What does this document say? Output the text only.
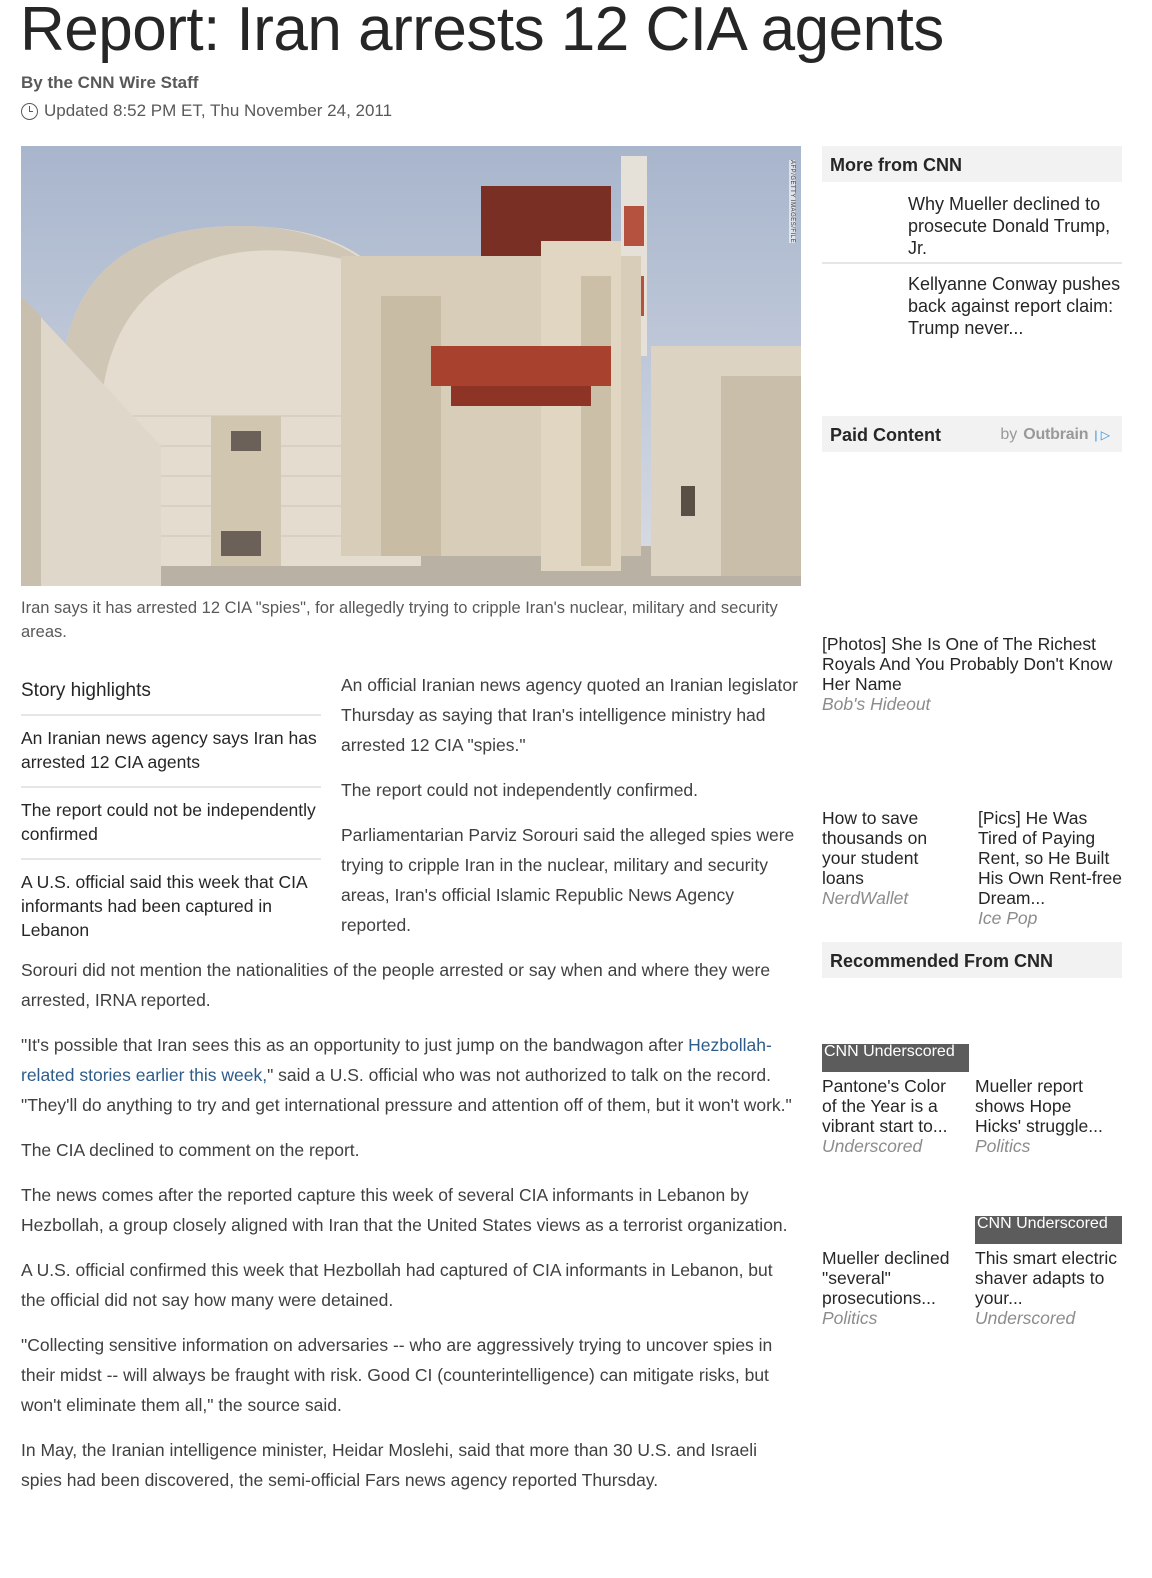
Report: Iran arrests 12 CIA agents
By the CNN Wire Staff
Updated 8:52 PM ET, Thu November 24, 2011
AFP/GETTY IMAGES/FILE
Iran says it has arrested 12 CIA "spies", for allegedly trying to cripple Iran's nuclear, military and security areas.
Story highlights
An Iranian news agency says Iran has arrested 12 CIA agents
The report could not be independently confirmed
A U.S. official said this week that CIA informants had been captured in Lebanon

An official Iranian news agency quoted an Iranian legislator Thursday as saying that Iran's intelligence ministry had arrested 12 CIA "spies."

The report could not independently confirmed.

Parliamentarian Parviz Sorouri said the alleged spies were trying to cripple Iran in the nuclear, military and security areas, Iran's official Islamic Republic News Agency reported.

Sorouri did not mention the nationalities of the people arrested or say when and where they were arrested, IRNA reported.

"It's possible that Iran sees this as an opportunity to just jump on the bandwagon after Hezbollah-related stories earlier this week," said a U.S. official who was not authorized to talk on the record. "They'll do anything to try and get international pressure and attention off of them, but it won't work."

The CIA declined to comment on the report.

The news comes after the reported capture this week of several CIA informants in Lebanon by Hezbollah, a group closely aligned with Iran that the United States views as a terrorist organization.

A U.S. official confirmed this week that Hezbollah had captured of CIA informants in Lebanon, but the official did not say how many were detained.

"Collecting sensitive information on adversaries -- who are aggressively trying to uncover spies in their midst -- will always be fraught with risk. Good CI (counterintelligence) can mitigate risks, but won't eliminate them all," the source said.

In May, the Iranian intelligence minister, Heidar Moslehi, said that more than 30 U.S. and Israeli spies had been discovered, the semi-official Fars news agency reported Thursday.

More from CNN
Why Mueller declined to prosecute Donald Trump, Jr.
Kellyanne Conway pushes back against report claim: Trump never...
Paid Content	by Outbrain | ▷
[Photos] She Is One of The Richest Royals And You Probably Don't Know Her Name
Bob's Hideout
How to save thousands on your student loans
NerdWallet
[Pics] He Was Tired of Paying Rent, so He Built His Own Rent-free Dream...
Ice Pop
Recommended From CNN
CNN Underscored
Pantone's Color of the Year is a vibrant start to...
Underscored
Mueller report shows Hope Hicks' struggle...
Politics
CNN Underscored
Mueller declined "several" prosecutions...
Politics
This smart electric shaver adapts to your...
Underscored
